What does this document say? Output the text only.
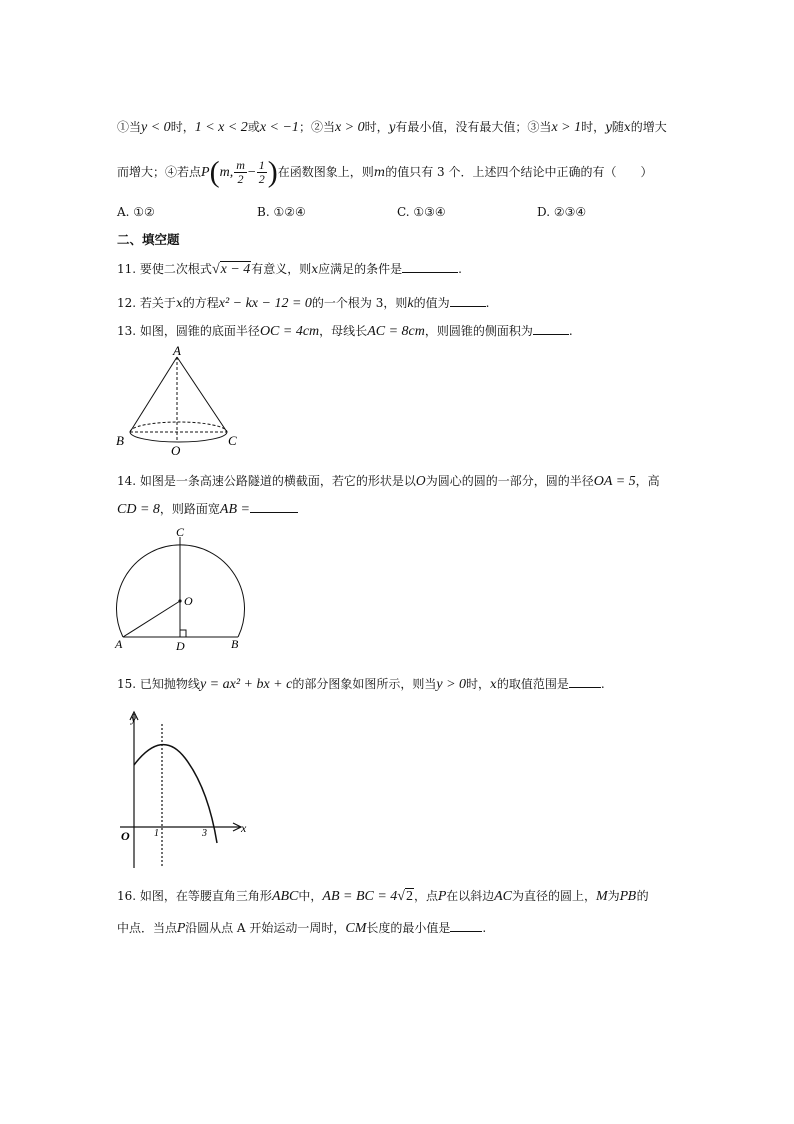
①当y < 0时，1 < x < 2或x < −1；②当x > 0时，y有最小值，没有最大值；③当x > 1时，y随x的增大
而增大；④若点P(m, $\frac{m}{2} - \frac{1}{2}$ )在函数图象上，则m的值只有 3 个．上述四个结论中正确的有（　　）
A. ①②	B. ①②④	C. ①③④	D. ②③④
二、填空题
11. 要使二次根式√x − 4有意义，则x应满足的条件是	.
12. 若关于x的方程x² − kx − 12 = 0的一个根为 3，则k的值为	.
13. 如图，圆锥的底面半径OC = 4cm，母线长AC = 8cm，则圆锥的侧面积为	.
A
B	C
O
14. 如图是一条高速公路隧道的横截面，若它的形状是以O为圆心的圆的一部分，圆的半径OA = 5，高
CD = 8，则路面宽AB =
C
O
A	D	B
15. 已知抛物线y = ax² + bx + c的部分图象如图所示，则当y > 0时，x的取值范围是	.
y
x
O 1	3
16. 如图，在等腰直角三角形ABC中，AB = BC = 4√2，点P在以斜边AC为直径的圆上，M为PB的
中点．当点P沿圆从点 A 开始运动一周时，CM长度的最小值是	.
